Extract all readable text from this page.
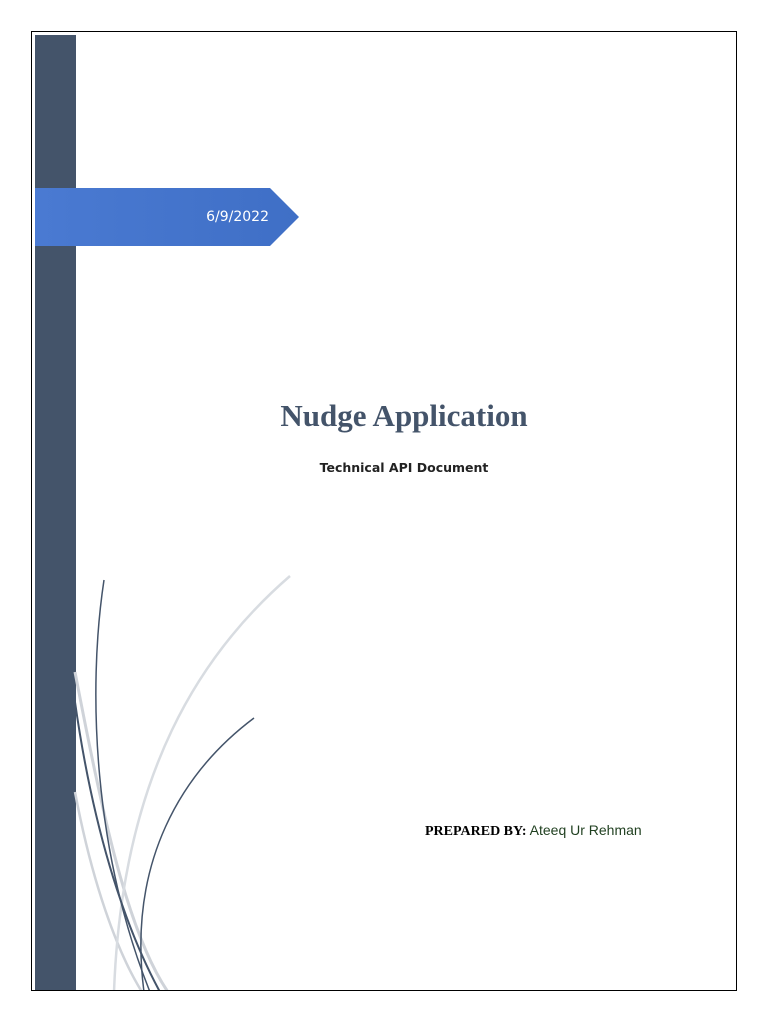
6/9/2022
Nudge Application
Technical API Document
PREPARED BY: Ateeq Ur Rehman
